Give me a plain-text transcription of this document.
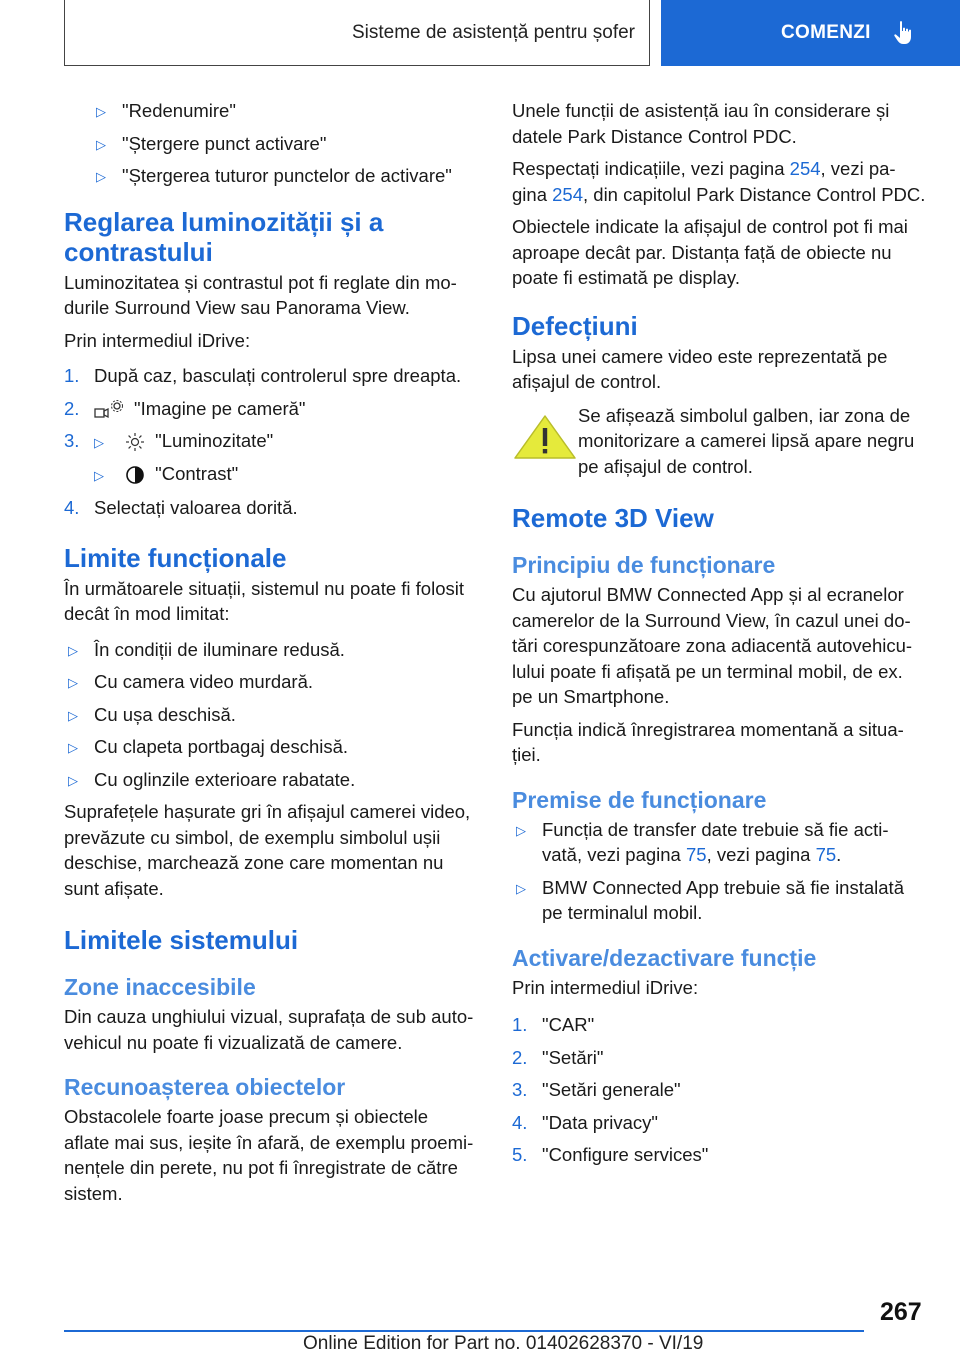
Sisteme de asistență pentru șofer	COMENZI
▷ "Redenumire"
▷ "Ștergere punct activare"
▷ "Ștergerea tuturor punctelor de activare"
Reglarea luminozității și a contrastului

Luminozitatea și contrastul pot fi reglate din mo‐durile Surround View sau Panorama View.

Prin intermediul iDrive:

1. După caz, basculați controlerul spre dreapta.
2.	"Imagine pe cameră"
3. ▷	"Luminozitate"
▷	"Contrast"
4. Selectați valoarea dorită.
Limite funcționale

În următoarele situații, sistemul nu poate fi folosit decât în mod limitat:

▷ În condiții de iluminare redusă.
▷ Cu camera video murdară.
▷ Cu ușa deschisă.
▷ Cu clapeta portbagaj deschisă.
▷ Cu oglinzile exterioare rabatate.

Suprafețele hașurate gri în afișajul camerei video, prevăzute cu simbol, de exemplu simbolul ușii deschise, marchează zone care momentan nu sunt afișate.

Limitele sistemului
Zone inaccesibile

Din cauza unghiului vizual, suprafața de sub auto‐vehicul nu poate fi vizualizată de camere.

Recunoașterea obiectelor

Obstacolele foarte joase precum și obiectele aflate mai sus, ieșite în afară, de exemplu proemi‐nențele din perete, nu pot fi înregistrate de către sistem.

Unele funcții de asistență iau în considerare și datele Park Distance Control PDC.

Respectați indicațiile, vezi pagina 254, vezi pa‐gina 254, din capitolul Park Distance Control PDC.

Obiectele indicate la afișajul de control pot fi mai aproape decât par. Distanța față de obiecte nu poate fi estimată pe display.

Defecțiuni

Lipsa unei camere video este reprezentată pe afișajul de control.

Se afișează simbolul galben, iar zona de monitorizare a camerei lipsă apare negru pe afișajul de control.
Remote 3D View
Principiu de funcționare

Cu ajutorul BMW Connected App și al ecranelor camerelor de la Surround View, în cazul unei do‐tări corespunzătoare zona adiacentă autovehicu‐lului poate fi afișată pe un terminal mobil, de ex. pe un Smartphone.

Funcția indică înregistrarea momentană a situa‐ției.

Premise de funcționare
▷ Funcția de transfer date trebuie să fie acti‐vată, vezi pagina 75, vezi pagina 75.
▷ BMW Connected App trebuie să fie instalată pe terminalul mobil.
Activare/dezactivare funcție

Prin intermediul iDrive:

1. "CAR"
2. "Setări"
3. "Setări generale"
4. "Data privacy"
5. "Configure services"
267
Online Edition for Part no. 01402628370 - VI/19
